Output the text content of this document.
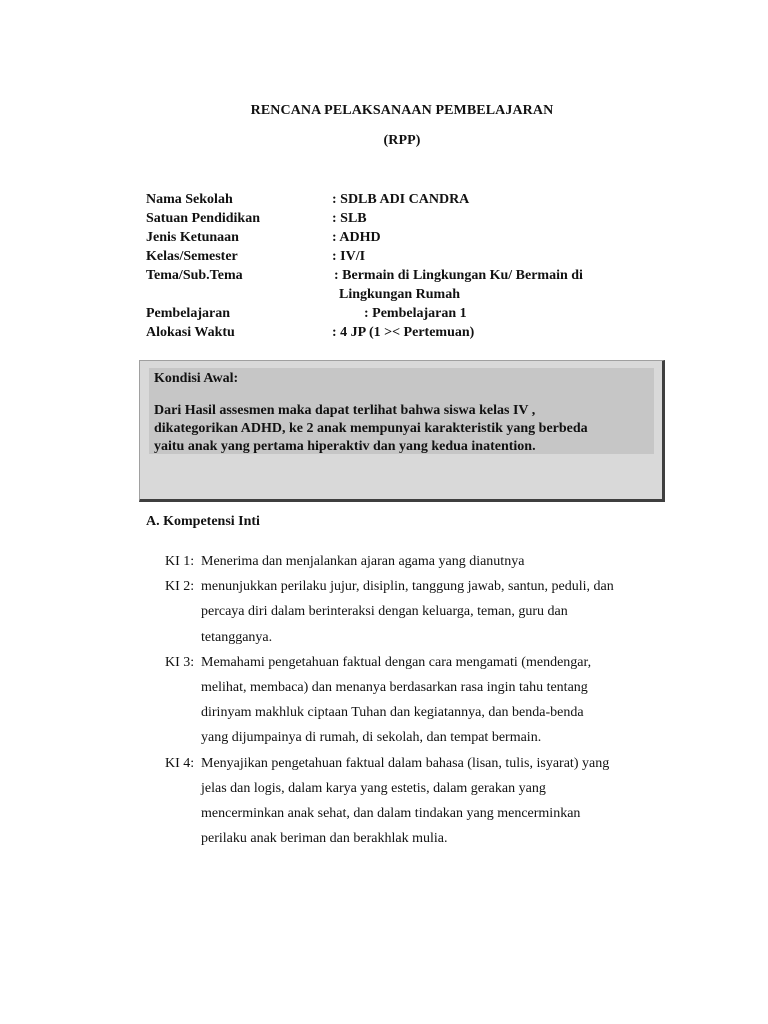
RENCANA PELAKSANAAN PEMBELAJARAN
(RPP)
Nama Sekolah	: SDLB ADI CANDRA
Satuan Pendidikan	: SLB
Jenis Ketunaan	: ADHD
Kelas/Semester	: IV/I
Tema/Sub.Tema	: Bermain di Lingkungan Ku/ Bermain di
Lingkungan Rumah
Pembelajaran	: Pembelajaran 1
Alokasi Waktu	: 4 JP (1 >< Pertemuan)
Kondisi Awal:
Dari Hasil assesmen maka dapat terlihat bahwa siswa kelas IV ,
dikategorikan ADHD, ke 2 anak mempunyai karakteristik yang berbeda
yaitu anak yang pertama hiperaktiv dan yang kedua inatention.
A. Kompetensi Inti
KI 1: Menerima dan menjalankan ajaran agama yang dianutnya
KI 2: menunjukkan perilaku jujur, disiplin, tanggung jawab, santun, peduli, dan
percaya diri dalam berinteraksi dengan keluarga, teman, guru dan
tetangganya.
KI 3: Memahami pengetahuan faktual dengan cara mengamati (mendengar,
melihat, membaca) dan menanya berdasarkan rasa ingin tahu tentang
dirinyam makhluk ciptaan Tuhan dan kegiatannya, dan benda-benda
yang dijumpainya di rumah, di sekolah, dan tempat bermain.
KI 4: Menyajikan pengetahuan faktual dalam bahasa (lisan, tulis, isyarat) yang
jelas dan logis, dalam karya yang estetis, dalam gerakan yang
mencerminkan anak sehat, dan dalam tindakan yang mencerminkan
perilaku anak beriman dan berakhlak mulia.
